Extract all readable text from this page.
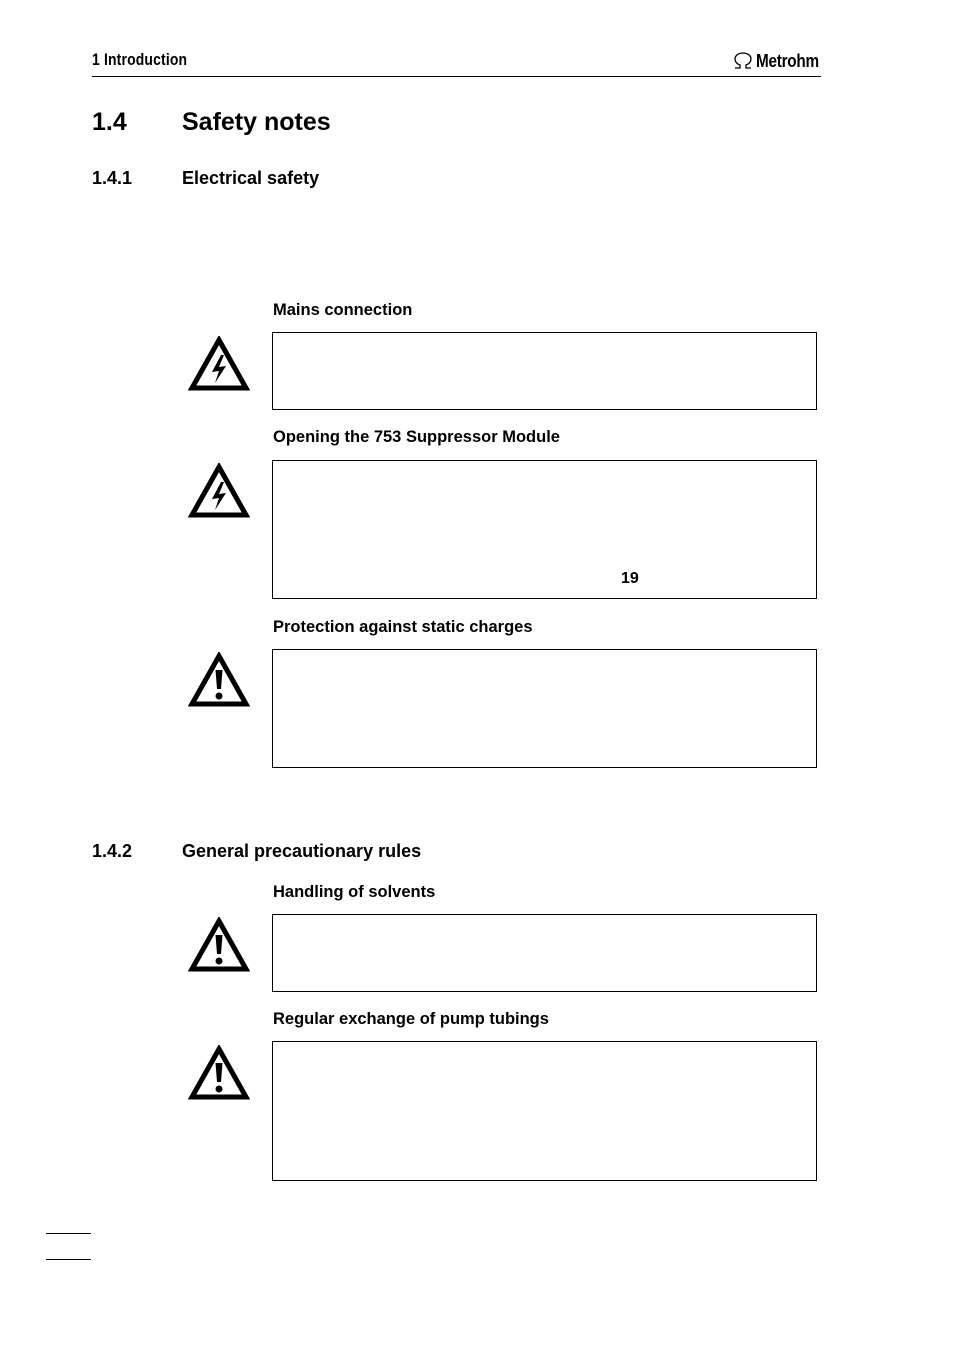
1 Introduction	Metrohm
1.4 Safety notes
1.4.1	Electrical safety
Mains connection
Opening the 753 Suppressor Module
19
Protection against static charges
1.4.2	General precautionary rules
Handling of solvents
Regular exchange of pump tubings
